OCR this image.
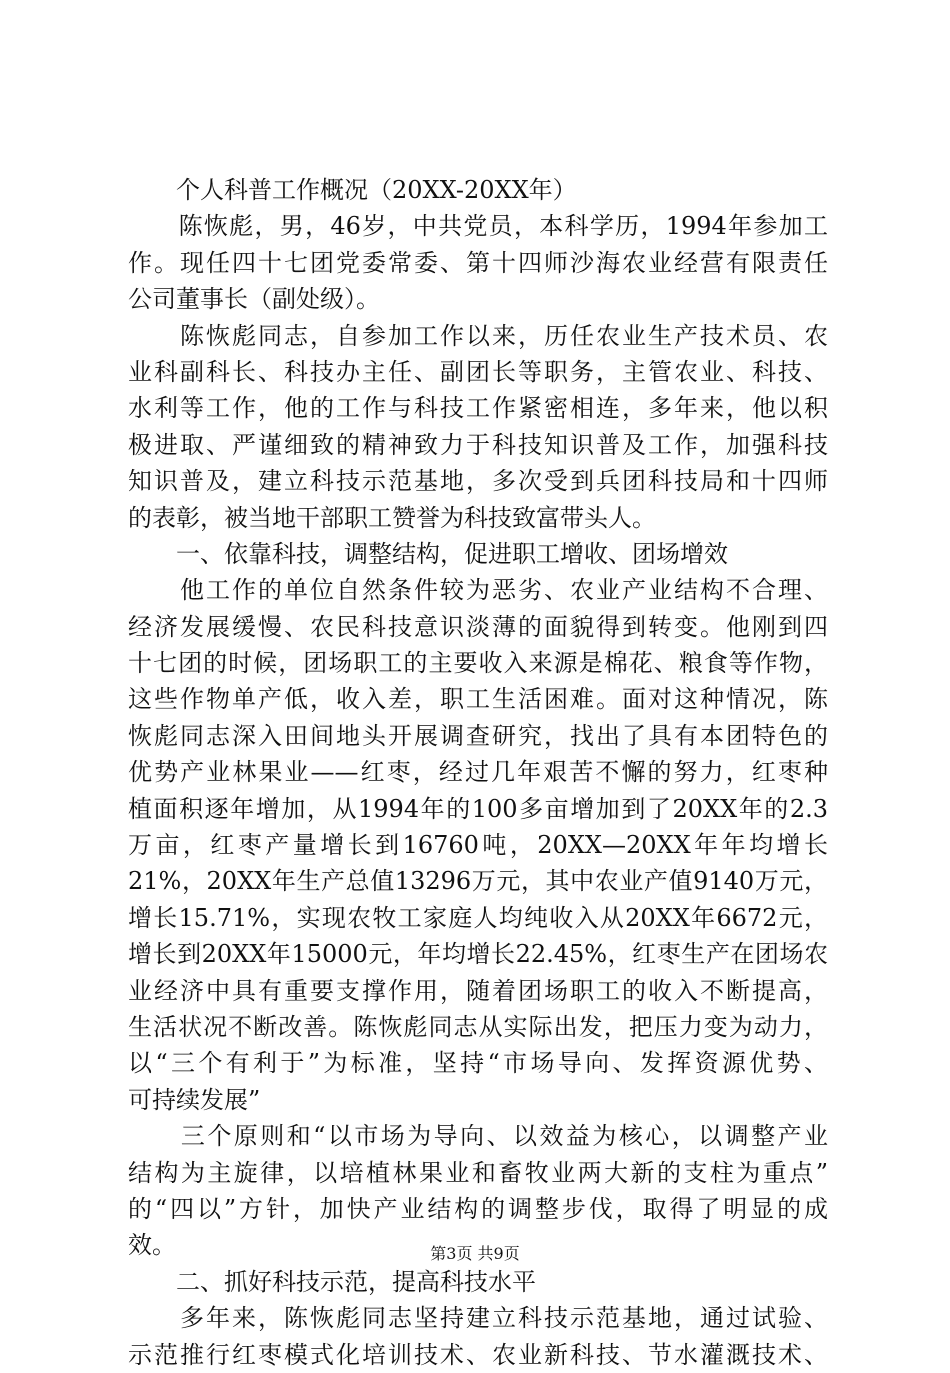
　　个人科普工作概况（20XX-20XX年）
　　陈恢彪，男，46岁，中共党员，本科学历，1994年参加工
作。现任四十七团党委常委、第十四师沙海农业经营有限责任
公司董事长（副处级）。
　　陈恢彪同志，自参加工作以来，历任农业生产技术员、农
业科副科长、科技办主任、副团长等职务，主管农业、科技、
水利等工作，他的工作与科技工作紧密相连，多年来，他以积
极进取、严谨细致的精神致力于科技知识普及工作，加强科技
知识普及，建立科技示范基地，多次受到兵团科技局和十四师
的表彰，被当地干部职工赞誉为科技致富带头人。
　　一、依靠科技，调整结构，促进职工增收、团场增效
　　他工作的单位自然条件较为恶劣、农业产业结构不合理、
经济发展缓慢、农民科技意识淡薄的面貌得到转变。他刚到四
十七团的时候，团场职工的主要收入来源是棉花、粮食等作物，
这些作物单产低，收入差，职工生活困难。面对这种情况，陈
恢彪同志深入田间地头开展调查研究，找出了具有本团特色的
优势产业林果业——红枣，经过几年艰苦不懈的努力，红枣种
植面积逐年增加，从1994年的100多亩增加到了20XX年的2.3
万亩，红枣产量增长到16760吨，20XX—20XX年年均增长
21%，20XX年生产总值13296万元，其中农业产值9140万元，
增长15.71%，实现农牧工家庭人均纯收入从20XX年6672元，
增长到20XX年15000元，年均增长22.45%，红枣生产在团场农
业经济中具有重要支撑作用，随着团场职工的收入不断提高，
生活状况不断改善。陈恢彪同志从实际出发，把压力变为动力，
以“三个有利于”为标准，坚持“市场导向、发挥资源优势、
可持续发展”
　　三个原则和“以市场为导向、以效益为核心，以调整产业
结构为主旋律，以培植林果业和畜牧业两大新的支柱为重点”
的“四以”方针，加快产业结构的调整步伐，取得了明显的成
效。
　　二、抓好科技示范，提高科技水平
　　多年来，陈恢彪同志坚持建立科技示范基地，通过试验、
示范推行红枣模式化培训技术、农业新科技、节水灌溉技术、
第3页 共9页
